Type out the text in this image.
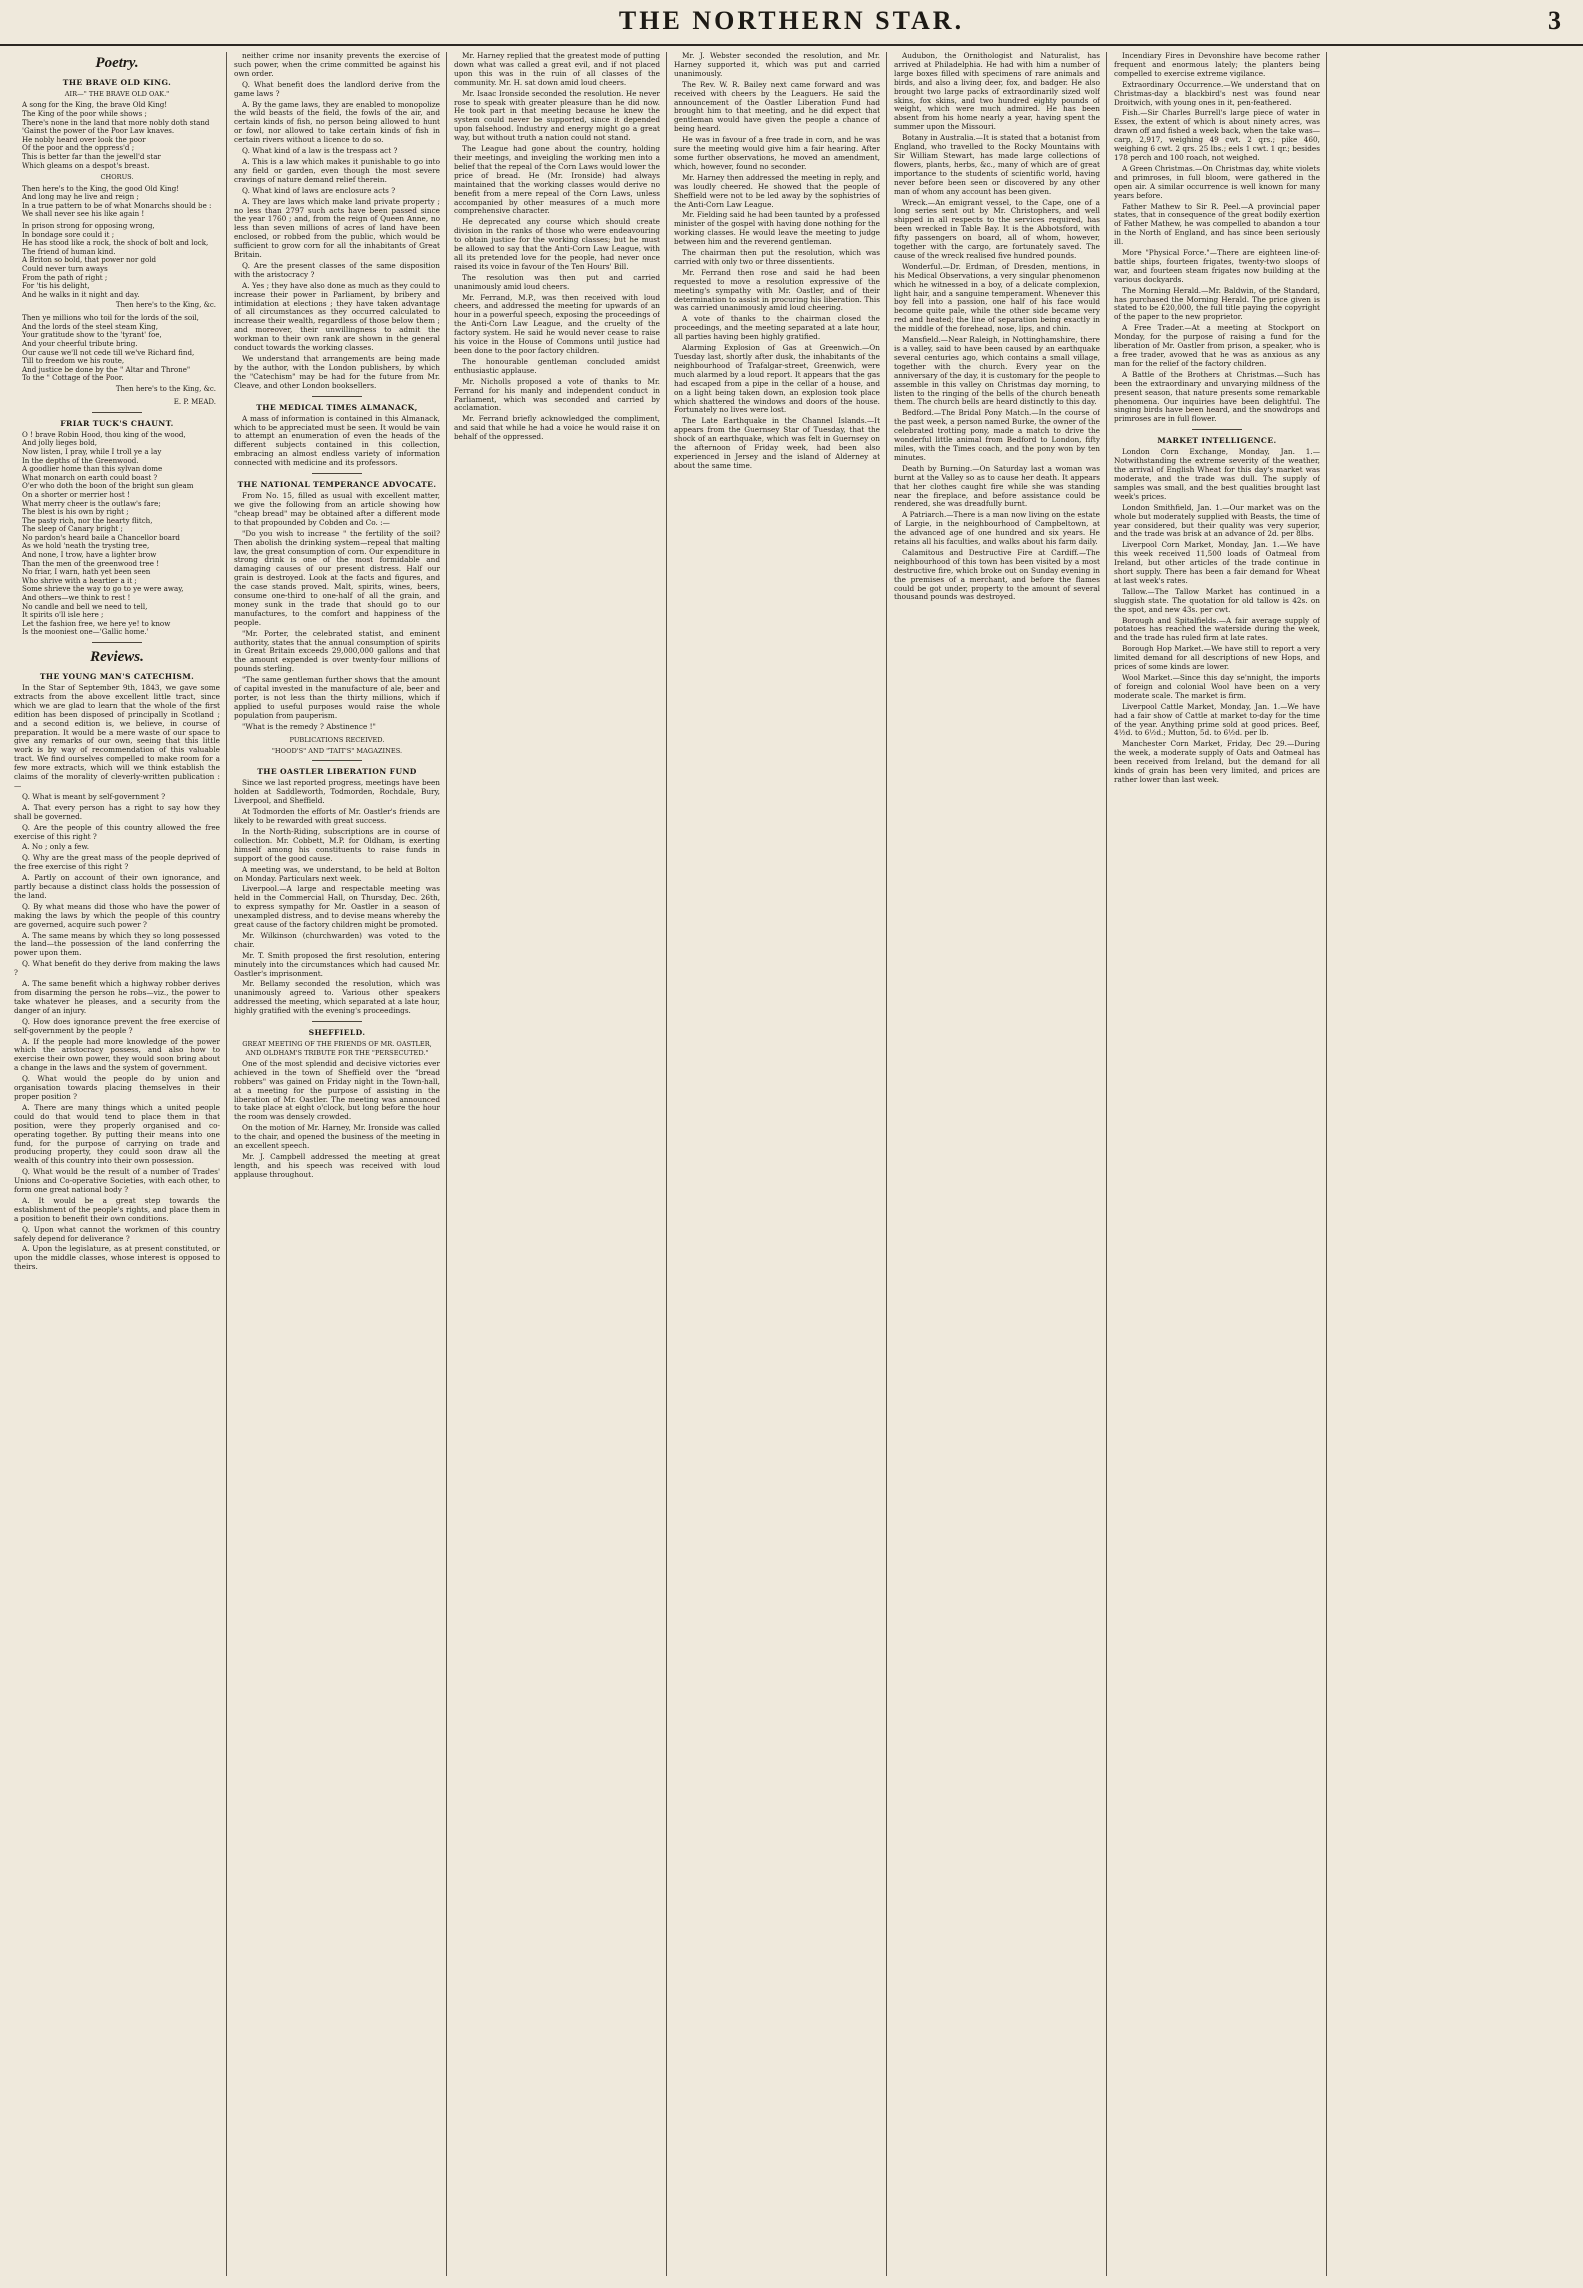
THE NORTHERN STAR.	3
Poetry.
THE BRAVE OLD KING.
AIR—" THE BRAVE OLD OAK."
A song for the King, the brave Old King!
The King of the poor while shows ;
There's none in the land that more nobly doth stand
'Gainst the power of the Poor Law knaves.
He nobly heard over look the poor
Of the poor and the oppress'd ;
This is better far than the jewell'd star
Which gleams on a despot's breast.
CHORUS.
Then here's to the King, the good Old King!
And long may he live and reign ;
In a true pattern to be of what Monarchs should be :
We shall never see his like again !
In prison strong for opposing wrong,
In bondage sore could it ;
He has stood like a rock, the shock of bolt and lock,
The friend of human kind.
A Briton so bold, that power nor gold
Could never turn aways
From the path of right ;
For 'tis his delight,
And he walks in it night and day.
Then here's to the King, &c.
Then ye millions who toil for the lords of the soil,
And the lords of the steel steam King,
Your gratitude show to the 'tyrant' foe,
And your cheerful tribute bring.
Our cause we'll not cede till we've Richard find,
Till to freedom we his route,
And justice be done by the " Altar and Throne"
To the " Cottage of the Poor.
Then here's to the King, &c.
E. P. MEAD.
FRIAR TUCK'S CHAUNT.
O ! brave Robin Hood, thou king of the wood,
And jolly lieges bold,
Now listen, I pray, while I troll ye a lay
In the depths of the Greenwood.
A goodlier home than this sylvan dome
What monarch on earth could boast ?
O'er who doth the boon of the bright sun gleam
On a shorter or merrier host !
What merry cheer is the outlaw's fare;
The blest is his own by right ;
The pasty rich, nor the hearty flitch,
The sleep of Canary bright ;
No pardon's heard baile a Chancellor board
As we hold 'neath the trysting tree,
And none, I trow, have a lighter brow
Than the men of the greenwood tree !
No friar, I warn, hath yet been seen
Who shrive with a heartier a it ;
Some shrieve the way to go to ye were away,
And others—we think to rest !
No candle and bell we need to tell,
It spirits o'll isle here ;
Let the fashion free, we here ye! to know
Is the mooniest one—'Gallic home.'
Reviews.
THE YOUNG MAN'S CATECHISM.

In the Star of September 9th, 1843, we gave some extracts from the above excellent little tract, since which we are glad to learn that the whole of the first edition has been disposed of principally in Scotland ; and a second edition is, we believe, in course of preparation. It would be a mere waste of our space to give any remarks of our own, seeing that this little work is by way of recommendation of this valuable tract. We find ourselves compelled to make room for a few more extracts, which will we think establish the claims of the morality of cleverly-written publication :—

Q. What is meant by self-government ?

A. That every person has a right to say how they shall be governed.

Q. Are the people of this country allowed the free exercise of this right ?

A. No ; only a few.

Q. Why are the great mass of the people deprived of the free exercise of this right ?

A. Partly on account of their own ignorance, and partly because a distinct class holds the possession of the land.

Q. By what means did those who have the power of making the laws by which the people of this country are governed, acquire such power ?

A. The same means by which they so long possessed the land—the possession of the land conferring the power upon them.

Q. What benefit do they derive from making the laws ?

A. The same benefit which a highway robber derives from disarming the person he robs—viz., the power to take whatever he pleases, and a security from the danger of an injury.

Q. How does ignorance prevent the free exercise of self-government by the people ?

A. If the people had more knowledge of the power which the aristocracy possess, and also how to exercise their own power, they would soon bring about a change in the laws and the system of government.

Q. What would the people do by union and organisation towards placing themselves in their proper position ?

A. There are many things which a united people could do that would tend to place them in that position, were they properly organised and co-operating together. By putting their means into one fund, for the purpose of carrying on trade and producing property, they could soon draw all the wealth of this country into their own possession.

Q. What would be the result of a number of Trades' Unions and Co-operative Societies, with each other, to form one great national body ?

A. It would be a great step towards the establishment of the people's rights, and place them in a position to benefit their own conditions.

Q. Upon what cannot the workmen of this country safely depend for deliverance ?

A. Upon the legislature, as at present constituted, or upon the middle classes, whose interest is opposed to theirs.

neither crime nor insanity prevents the exercise of such power, when the crime committed be against his own order.

Q. What benefit does the landlord derive from the game laws ?

A. By the game laws, they are enabled to monopolize the wild beasts of the field, the fowls of the air, and certain kinds of fish, no person being allowed to hunt or fowl, nor allowed to take certain kinds of fish in certain rivers without a licence to do so.

Q. What kind of a law is the trespass act ?

A. This is a law which makes it punishable to go into any field or garden, even though the most severe cravings of nature demand relief therein.

Q. What kind of laws are enclosure acts ?

A. They are laws which make land private property ; no less than 2797 such acts have been passed since the year 1760 ; and, from the reign of Queen Anne, no less than seven millions of acres of land have been enclosed, or robbed from the public, which would be sufficient to grow corn for all the inhabitants of Great Britain.

Q. Are the present classes of the same disposition with the aristocracy ?

A. Yes ; they have also done as much as they could to increase their power in Parliament, by bribery and intimidation at elections ; they have taken advantage of all circumstances as they occurred calculated to increase their wealth, regardless of those below them ; and moreover, their unwillingness to admit the workman to their own rank are shown in the general conduct towards the working classes.

We understand that arrangements are being made by the author, with the London publishers, by which the "Catechism" may be had for the future from Mr. Cleave, and other London booksellers.

THE MEDICAL TIMES ALMANACK,

A mass of information is contained in this Almanack, which to be appreciated must be seen. It would be vain to attempt an enumeration of even the heads of the different subjects contained in this collection, embracing an almost endless variety of information connected with medicine and its professors.

THE NATIONAL TEMPERANCE ADVOCATE.

From No. 15, filled as usual with excellent matter, we give the following from an article showing how "cheap bread" may be obtained after a different mode to that propounded by Cobden and Co. :—

"Do you wish to increase " the fertility of the soil? Then abolish the drinking system—repeal that malting law, the great consumption of corn. Our expenditure in strong drink is one of the most formidable and damaging causes of our present distress. Half our grain is destroyed. Look at the facts and figures, and the case stands proved. Malt, spirits, wines, beers, consume one-third to one-half of all the grain, and money sunk in the trade that should go to our manufactures, to the comfort and happiness of the people.

"Mr. Porter, the celebrated statist, and eminent authority, states that the annual consumption of spirits in Great Britain exceeds 29,000,000 gallons and that the amount expended is over twenty-four millions of pounds sterling.

"The same gentleman further shows that the amount of capital invested in the manufacture of ale, beer and porter, is not less than the thirty millions, which if applied to useful purposes would raise the whole population from pauperism.

"What is the remedy ? Abstinence !"

PUBLICATIONS RECEIVED.
"HOOD'S" AND "TAIT'S" MAGAZINES.
THE OASTLER LIBERATION FUND

Since we last reported progress, meetings have been holden at Saddleworth, Todmorden, Rochdale, Bury, Liverpool, and Sheffield.

At Todmorden the efforts of Mr. Oastler's friends are likely to be rewarded with great success.

In the North-Riding, subscriptions are in course of collection. Mr. Cobbett, M.P. for Oldham, is exerting himself among his constituents to raise funds in support of the good cause.

A meeting was, we understand, to be held at Bolton on Monday. Particulars next week.

Liverpool.—A large and respectable meeting was held in the Commercial Hall, on Thursday, Dec. 26th, to express sympathy for Mr. Oastler in a season of unexampled distress, and to devise means whereby the great cause of the factory children might be promoted.

Mr. Wilkinson (churchwarden) was voted to the chair.

Mr. T. Smith proposed the first resolution, entering minutely into the circumstances which had caused Mr. Oastler's imprisonment.

Mr. Bellamy seconded the resolution, which was unanimously agreed to. Various other speakers addressed the meeting, which separated at a late hour, highly gratified with the evening's proceedings.

SHEFFIELD.
GREAT MEETING OF THE FRIENDS OF MR. OASTLER, AND OLDHAM'S TRIBUTE FOR THE "PERSECUTED."

One of the most splendid and decisive victories ever achieved in the town of Sheffield over the "bread robbers" was gained on Friday night in the Town-hall, at a meeting for the purpose of assisting in the liberation of Mr. Oastler. The meeting was announced to take place at eight o'clock, but long before the hour the room was densely crowded.

On the motion of Mr. Harney, Mr. Ironside was called to the chair, and opened the business of the meeting in an excellent speech.

Mr. J. Campbell addressed the meeting at great length, and his speech was received with loud applause throughout.

Mr. Harney replied that the greatest mode of putting down what was called a great evil, and if not placed upon this was in the ruin of all classes of the community. Mr. H. sat down amid loud cheers.

Mr. Isaac Ironside seconded the resolution. He never rose to speak with greater pleasure than he did now. He took part in that meeting because he knew the system could never be supported, since it depended upon falsehood. Industry and energy might go a great way, but without truth a nation could not stand.

The League had gone about the country, holding their meetings, and inveigling the working men into a belief that the repeal of the Corn Laws would lower the price of bread. He (Mr. Ironside) had always maintained that the working classes would derive no benefit from a mere repeal of the Corn Laws, unless accompanied by other measures of a much more comprehensive character.

He deprecated any course which should create division in the ranks of those who were endeavouring to obtain justice for the working classes; but he must be allowed to say that the Anti-Corn Law League, with all its pretended love for the people, had never once raised its voice in favour of the Ten Hours' Bill.

The resolution was then put and carried unanimously amid loud cheers.

Mr. Ferrand, M.P., was then received with loud cheers, and addressed the meeting for upwards of an hour in a powerful speech, exposing the proceedings of the Anti-Corn Law League, and the cruelty of the factory system. He said he would never cease to raise his voice in the House of Commons until justice had been done to the poor factory children.

The honourable gentleman concluded amidst enthusiastic applause.

Mr. Nicholls proposed a vote of thanks to Mr. Ferrand for his manly and independent conduct in Parliament, which was seconded and carried by acclamation.

Mr. Ferrand briefly acknowledged the compliment, and said that while he had a voice he would raise it on behalf of the oppressed.

Mr. J. Webster seconded the resolution, and Mr. Harney supported it, which was put and carried unanimously.

The Rev. W. R. Bailey next came forward and was received with cheers by the Leaguers. He said the announcement of the Oastler Liberation Fund had brought him to that meeting, and he did expect that gentleman would have given the people a chance of being heard.

He was in favour of a free trade in corn, and he was sure the meeting would give him a fair hearing. After some further observations, he moved an amendment, which, however, found no seconder.

Mr. Harney then addressed the meeting in reply, and was loudly cheered. He showed that the people of Sheffield were not to be led away by the sophistries of the Anti-Corn Law League.

Mr. Fielding said he had been taunted by a professed minister of the gospel with having done nothing for the working classes. He would leave the meeting to judge between him and the reverend gentleman.

The chairman then put the resolution, which was carried with only two or three dissentients.

Mr. Ferrand then rose and said he had been requested to move a resolution expressive of the meeting's sympathy with Mr. Oastler, and of their determination to assist in procuring his liberation. This was carried unanimously amid loud cheering.

A vote of thanks to the chairman closed the proceedings, and the meeting separated at a late hour, all parties having been highly gratified.

Alarming Explosion of Gas at Greenwich.—On Tuesday last, shortly after dusk, the inhabitants of the neighbourhood of Trafalgar-street, Greenwich, were much alarmed by a loud report. It appears that the gas had escaped from a pipe in the cellar of a house, and on a light being taken down, an explosion took place which shattered the windows and doors of the house. Fortunately no lives were lost.

The Late Earthquake in the Channel Islands.—It appears from the Guernsey Star of Tuesday, that the shock of an earthquake, which was felt in Guernsey on the afternoon of Friday week, had been also experienced in Jersey and the island of Alderney at about the same time.

Audubon, the Ornithologist and Naturalist, has arrived at Philadelphia. He had with him a number of large boxes filled with specimens of rare animals and birds, and also a living deer, fox, and badger. He also brought two large packs of extraordinarily sized wolf skins, fox skins, and two hundred eighty pounds of weight, which were much admired. He has been absent from his home nearly a year, having spent the summer upon the Missouri.

Botany in Australia.—It is stated that a botanist from England, who travelled to the Rocky Mountains with Sir William Stewart, has made large collections of flowers, plants, herbs, &c., many of which are of great importance to the students of scientific world, having never before been seen or discovered by any other man of whom any account has been given.

Wreck.—An emigrant vessel, to the Cape, one of a long series sent out by Mr. Christophers, and well shipped in all respects to the services required, has been wrecked in Table Bay. It is the Abbotsford, with fifty passengers on board, all of whom, however, together with the cargo, are fortunately saved. The cause of the wreck realised five hundred pounds.

Wonderful.—Dr. Erdman, of Dresden, mentions, in his Medical Observations, a very singular phenomenon which he witnessed in a boy, of a delicate complexion, light hair, and a sanguine temperament. Whenever this boy fell into a passion, one half of his face would become quite pale, while the other side became very red and heated; the line of separation being exactly in the middle of the forehead, nose, lips, and chin.

Mansfield.—Near Raleigh, in Nottinghamshire, there is a valley, said to have been caused by an earthquake several centuries ago, which contains a small village, together with the church. Every year on the anniversary of the day, it is customary for the people to assemble in this valley on Christmas day morning, to listen to the ringing of the bells of the church beneath them. The church bells are heard distinctly to this day.

Bedford.—The Bridal Pony Match.—In the course of the past week, a person named Burke, the owner of the celebrated trotting pony, made a match to drive the wonderful little animal from Bedford to London, fifty miles, with the Times coach, and the pony won by ten minutes.

Death by Burning.—On Saturday last a woman was burnt at the Valley so as to cause her death. It appears that her clothes caught fire while she was standing near the fireplace, and before assistance could be rendered, she was dreadfully burnt.

A Patriarch.—There is a man now living on the estate of Largie, in the neighbourhood of Campbeltown, at the advanced age of one hundred and six years. He retains all his faculties, and walks about his farm daily.

Calamitous and Destructive Fire at Cardiff.—The neighbourhood of this town has been visited by a most destructive fire, which broke out on Sunday evening in the premises of a merchant, and before the flames could be got under, property to the amount of several thousand pounds was destroyed.

Incendiary Fires in Devonshire have become rather frequent and enormous lately; the planters being compelled to exercise extreme vigilance.

Extraordinary Occurrence.—We understand that on Christmas-day a blackbird's nest was found near Droitwich, with young ones in it, pen-feathered.

Fish.—Sir Charles Burrell's large piece of water in Essex, the extent of which is about ninety acres, was drawn off and fished a week back, when the take was—carp, 2,917, weighing 49 cwt. 2 qrs.; pike 460, weighing 6 cwt. 2 qrs. 25 lbs.; eels 1 cwt. 1 qr.; besides 178 perch and 100 roach, not weighed.

A Green Christmas.—On Christmas day, white violets and primroses, in full bloom, were gathered in the open air. A similar occurrence is well known for many years before.

Father Mathew to Sir R. Peel.—A provincial paper states, that in consequence of the great bodily exertion of Father Mathew, he was compelled to abandon a tour in the North of England, and has since been seriously ill.

More "Physical Force."—There are eighteen line-of-battle ships, fourteen frigates, twenty-two sloops of war, and fourteen steam frigates now building at the various dockyards.

The Morning Herald.—Mr. Baldwin, of the Standard, has purchased the Morning Herald. The price given is stated to be £20,000, the full title paying the copyright of the paper to the new proprietor.

A Free Trader.—At a meeting at Stockport on Monday, for the purpose of raising a fund for the liberation of Mr. Oastler from prison, a speaker, who is a free trader, avowed that he was as anxious as any man for the relief of the factory children.

A Battle of the Brothers at Christmas.—Such has been the extraordinary and unvarying mildness of the present season, that nature presents some remarkable phenomena. Our inquiries have been delightful. The singing birds have been heard, and the snowdrops and primroses are in full flower.

MARKET INTELLIGENCE.

London Corn Exchange, Monday, Jan. 1.—Notwithstanding the extreme severity of the weather, the arrival of English Wheat for this day's market was moderate, and the trade was dull. The supply of samples was small, and the best qualities brought last week's prices.

London Smithfield, Jan. 1.—Our market was on the whole but moderately supplied with Beasts, the time of year considered, but their quality was very superior, and the trade was brisk at an advance of 2d. per 8lbs.

Liverpool Corn Market, Monday, Jan. 1.—We have this week received 11,500 loads of Oatmeal from Ireland, but other articles of the trade continue in short supply. There has been a fair demand for Wheat at last week's rates.

Tallow.—The Tallow Market has continued in a sluggish state. The quotation for old tallow is 42s. on the spot, and new 43s. per cwt.

Borough and Spitalfields.—A fair average supply of potatoes has reached the waterside during the week, and the trade has ruled firm at late rates.

Borough Hop Market.—We have still to report a very limited demand for all descriptions of new Hops, and prices of some kinds are lower.

Wool Market.—Since this day se'nnight, the imports of foreign and colonial Wool have been on a very moderate scale. The market is firm.

Liverpool Cattle Market, Monday, Jan. 1.—We have had a fair show of Cattle at market to-day for the time of the year. Anything prime sold at good prices. Beef, 4½d. to 6½d.; Mutton, 5d. to 6½d. per lb.

Manchester Corn Market, Friday, Dec 29.—During the week, a moderate supply of Oats and Oatmeal has been received from Ireland, but the demand for all kinds of grain has been very limited, and prices are rather lower than last week.
